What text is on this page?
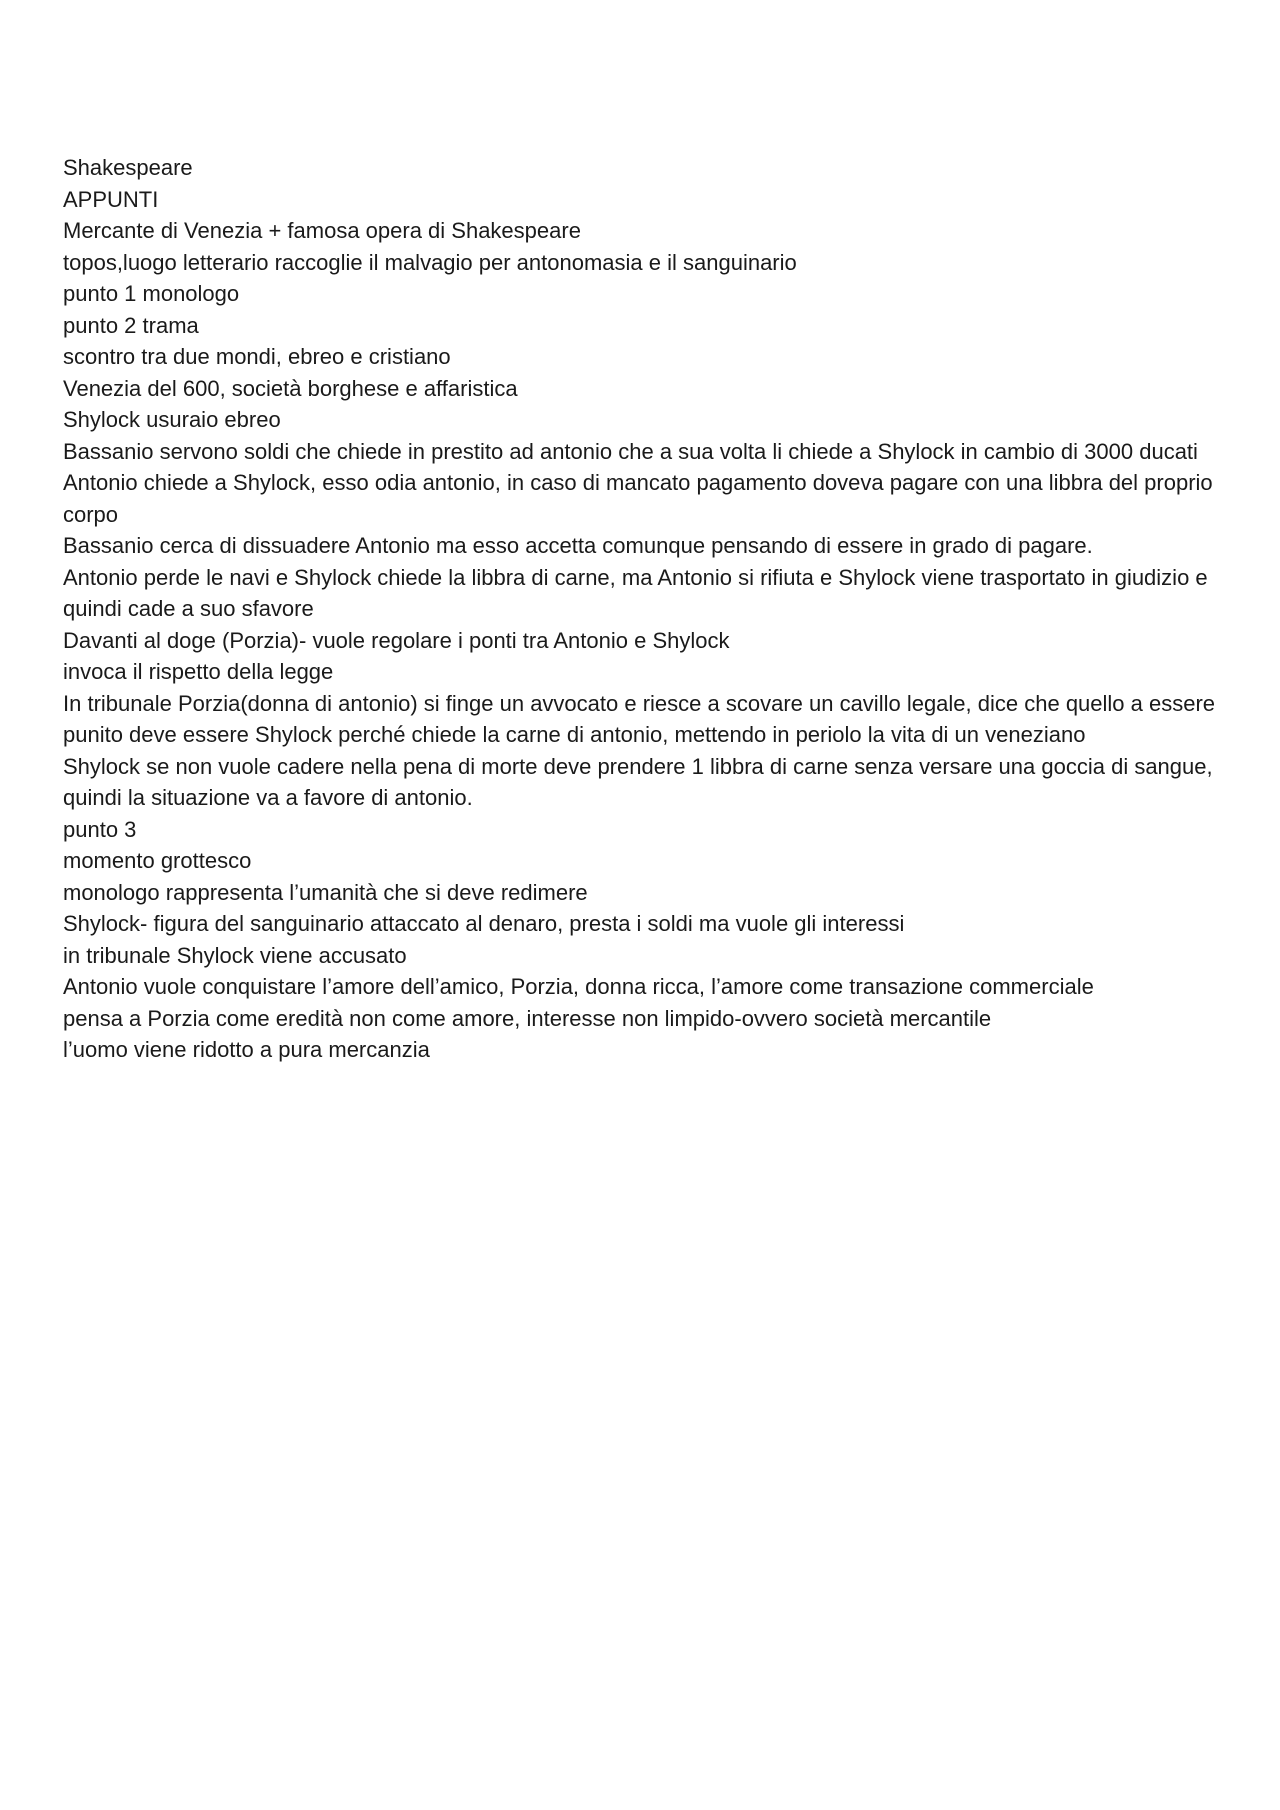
Shakespeare

APPUNTI

Mercante di Venezia + famosa opera di Shakespeare

topos,luogo letterario raccoglie il malvagio per antonomasia e il sanguinario

punto 1 monologo

punto 2 trama

scontro tra due mondi, ebreo e cristiano

Venezia del 600, società borghese e affaristica

Shylock usuraio ebreo

Bassanio servono soldi che chiede in prestito ad antonio che a sua volta li chiede a Shylock in cambio di 3000 ducati

Antonio chiede a Shylock, esso odia antonio, in caso di mancato pagamento doveva pagare con una libbra del proprio corpo

Bassanio cerca di dissuadere Antonio ma esso accetta comunque pensando di essere in grado di pagare.

Antonio perde le navi e Shylock chiede la libbra di carne, ma Antonio si rifiuta e Shylock viene trasportato in giudizio e quindi cade a suo sfavore

Davanti al doge (Porzia)- vuole regolare i ponti tra Antonio e Shylock

invoca il rispetto della legge

In tribunale Porzia(donna di antonio) si finge un avvocato e riesce a scovare un cavillo legale, dice che quello a essere punito deve essere Shylock perché chiede la carne di antonio, mettendo in periolo la vita di un veneziano

Shylock se non vuole cadere nella pena di morte deve prendere 1 libbra di carne senza versare una goccia di sangue, quindi la situazione va a favore di antonio.

punto 3

momento grottesco

monologo rappresenta l’umanità che si deve redimere

Shylock- figura del sanguinario attaccato al denaro, presta i soldi ma vuole gli interessi

in tribunale Shylock viene accusato

Antonio vuole conquistare l’amore dell’amico, Porzia, donna ricca, l’amore come transazione commerciale

pensa a Porzia come eredità non come amore, interesse non limpido-ovvero società mercantile

l’uomo viene ridotto a pura mercanzia
